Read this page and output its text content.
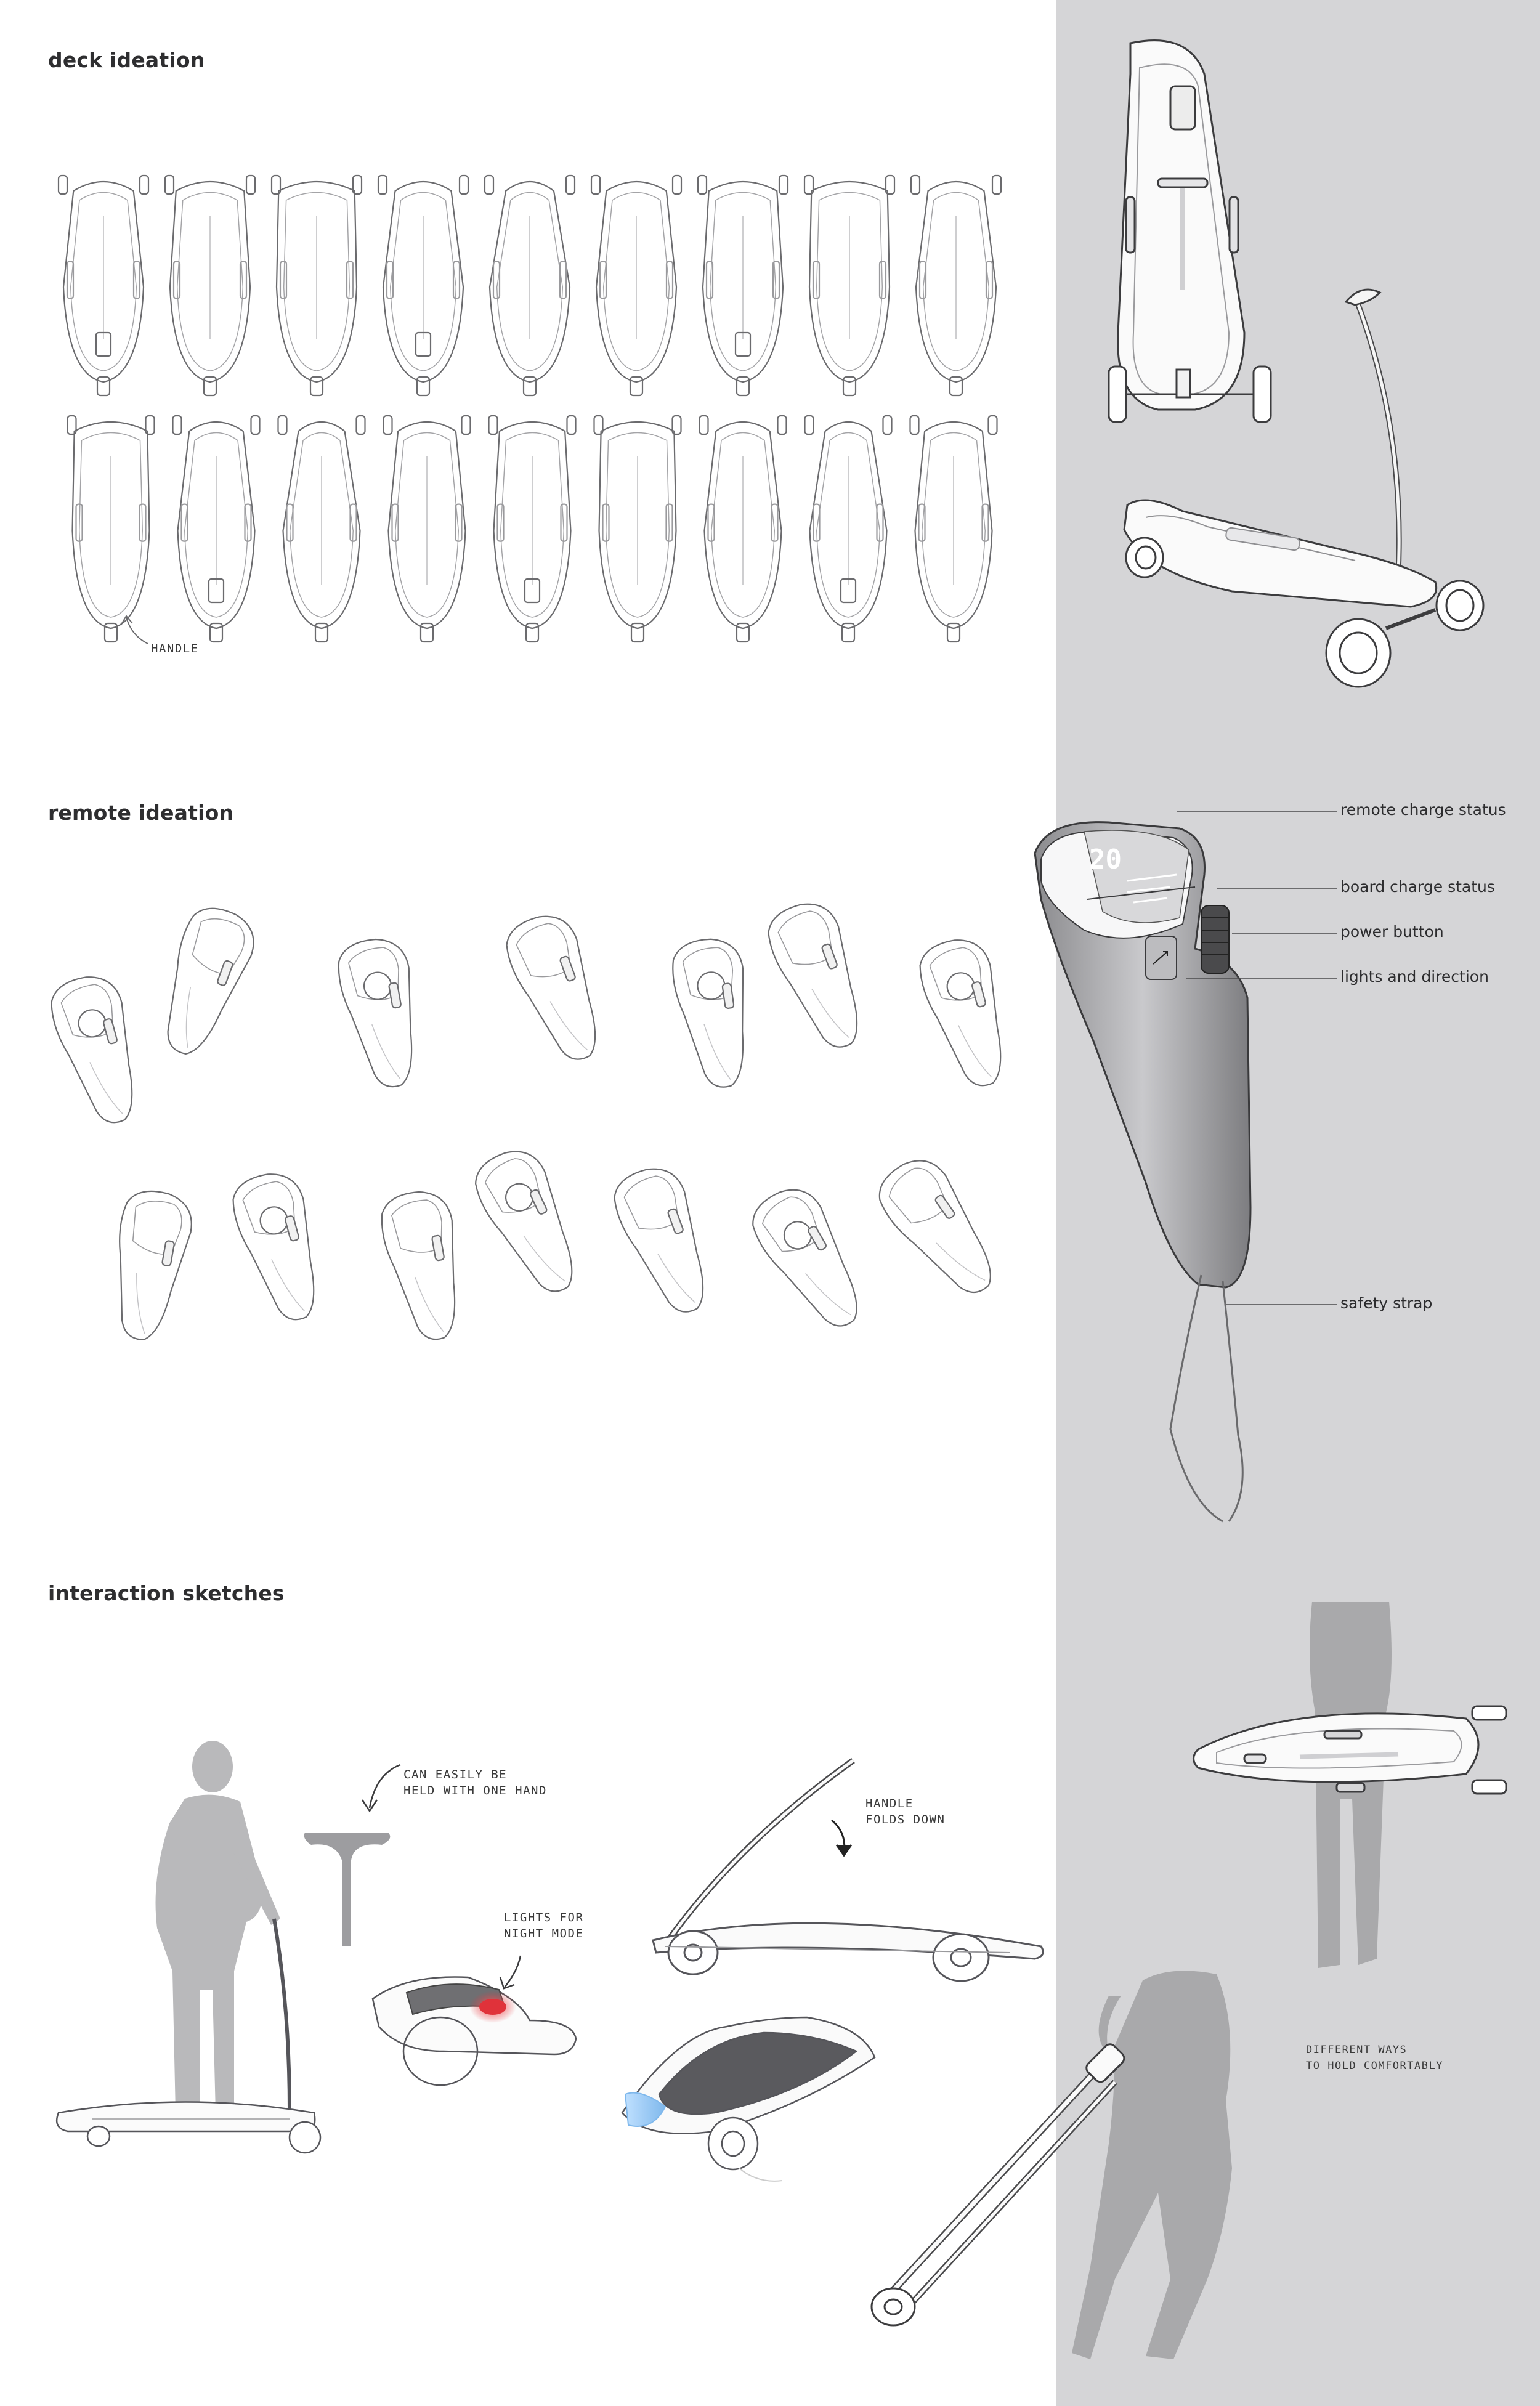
deck ideation
remote ideation
interaction sketches
20
HANDLE
CAN EASILY BE
HELD WITH ONE HAND
LIGHTS FOR
NIGHT MODE
HANDLE
FOLDS DOWN
DIFFERENT WAYS
TO HOLD COMFORTABLY
remote charge status
board charge status
power button
lights and direction
safety strap
